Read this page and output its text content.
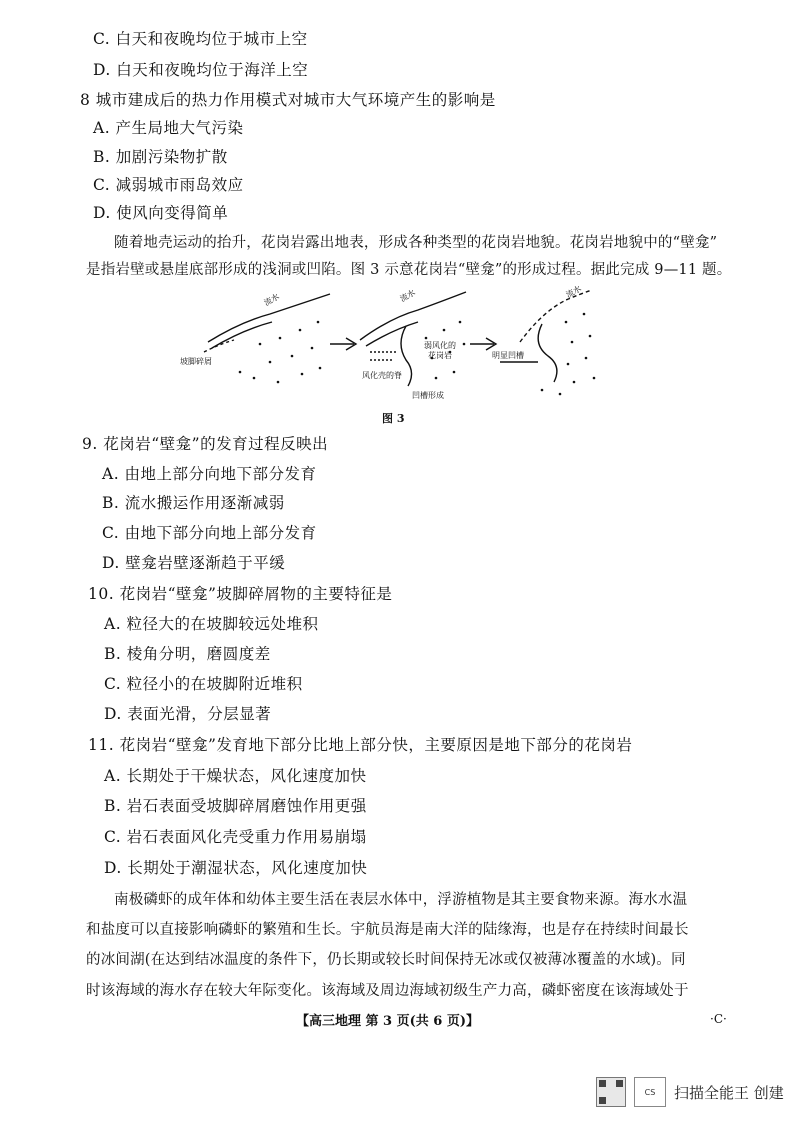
C. 白天和夜晚均位于城市上空
D. 白天和夜晚均位于海洋上空
8 城市建成后的热力作用模式对城市大气环境产生的影响是
A. 产生局地大气污染
B. 加剧污染物扩散
C. 减弱城市雨岛效应
D. 使风向变得简单
随着地壳运动的抬升，花岗岩露出地表，形成各种类型的花岗岩地貌。花岗岩地貌中的“壁龛”
是指岩壁或悬崖底部形成的浅洞或凹陷。图 3 示意花岗岩“壁龛”的形成过程。据此完成 9—11 题。
流水	流水	流水
坡脚碎屑
弱风化的
花岗岩
风化壳的脊
凹槽形成
明显凹槽
图 3
9. 花岗岩“壁龛”的发育过程反映出
A. 由地上部分向地下部分发育
B. 流水搬运作用逐渐减弱
C. 由地下部分向地上部分发育
D. 壁龛岩壁逐渐趋于平缓
10. 花岗岩“壁龛”坡脚碎屑物的主要特征是
A. 粒径大的在坡脚较远处堆积
B. 棱角分明，磨圆度差
C. 粒径小的在坡脚附近堆积
D. 表面光滑，分层显著
11. 花岗岩“壁龛”发育地下部分比地上部分快，主要原因是地下部分的花岗岩
A. 长期处于干燥状态，风化速度加快
B. 岩石表面受坡脚碎屑磨蚀作用更强
C. 岩石表面风化壳受重力作用易崩塌
D. 长期处于潮湿状态，风化速度加快
南极磷虾的成年体和幼体主要生活在表层水体中，浮游植物是其主要食物来源。海水水温
和盐度可以直接影响磷虾的繁殖和生长。宇航员海是南大洋的陆缘海，也是存在持续时间最长
的冰间湖(在达到结冰温度的条件下，仍长期或较长时间保持无冰或仅被薄冰覆盖的水域)。同
时该海域的海水存在较大年际变化。该海域及周边海域初级生产力高，磷虾密度在该海域处于
【高三地理 第 3 页(共 6 页)】	·C·
CS	扫描全能王 创建
